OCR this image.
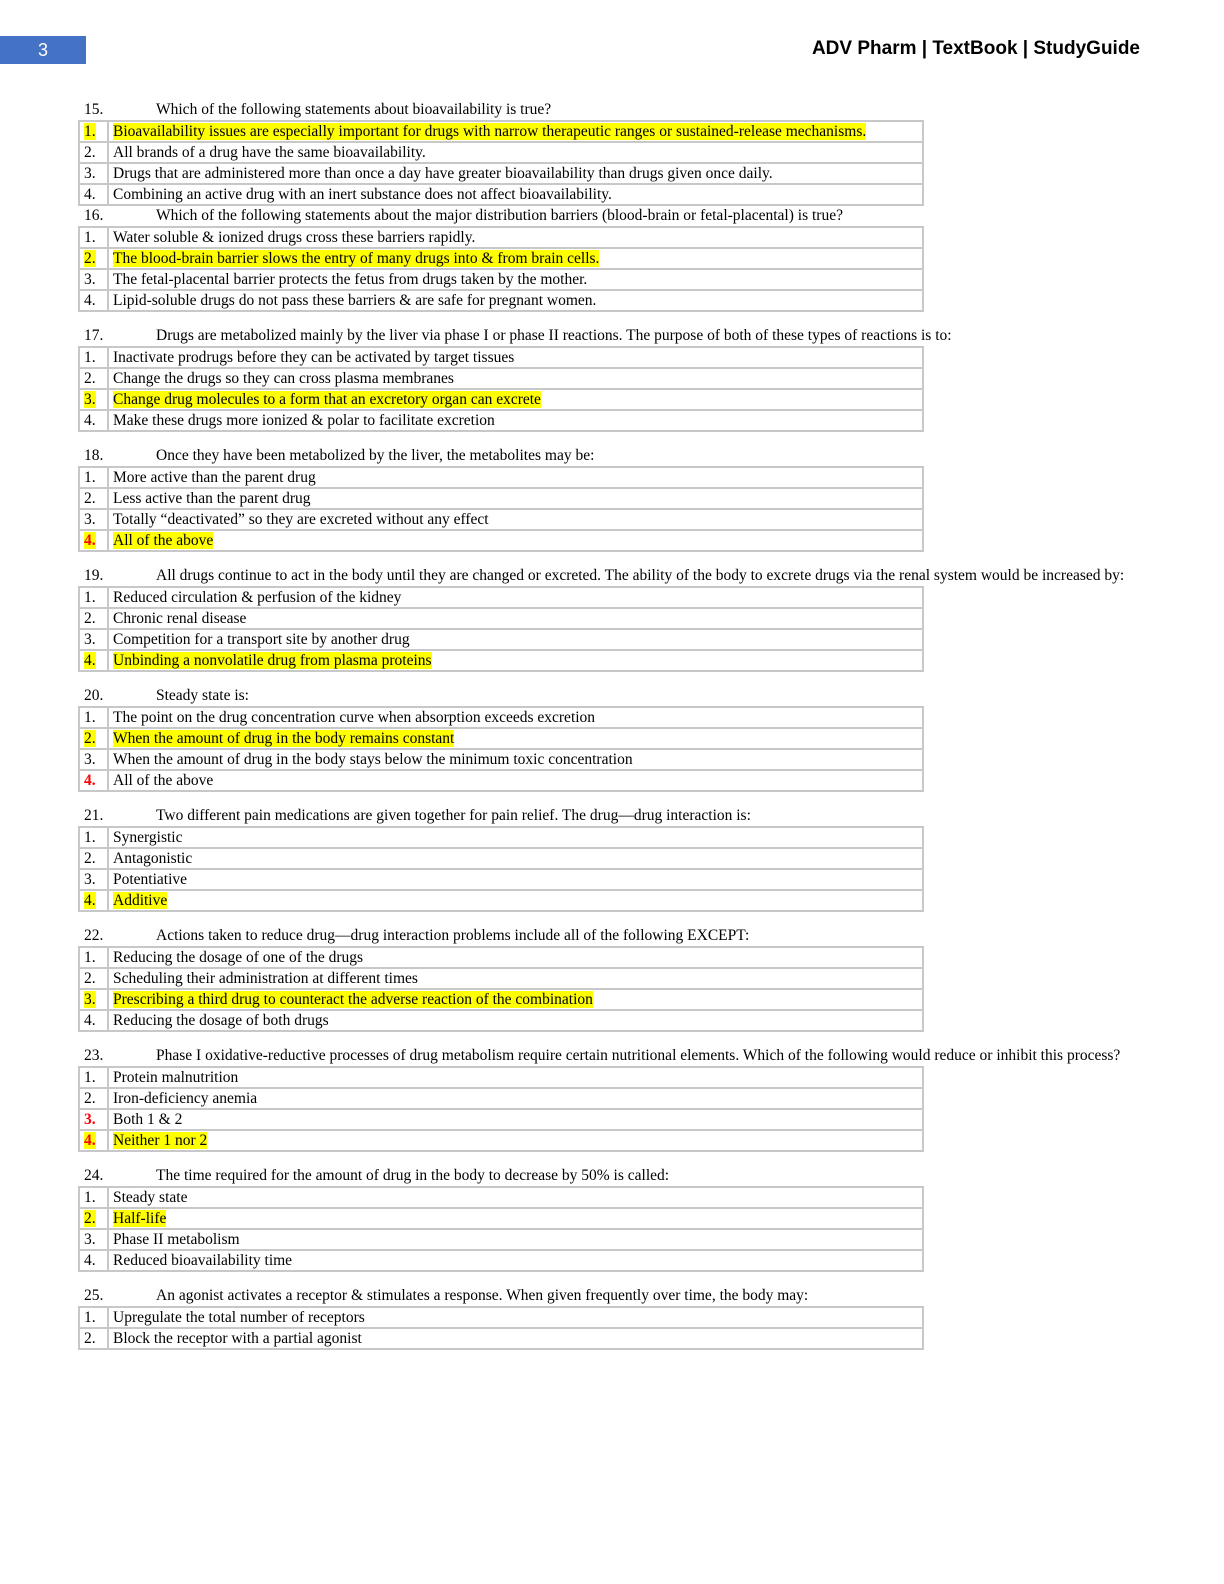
3	ADV Pharm | TextBook | StudyGuide
15.	Which of the following statements about bioavailability is true?
1.	Bioavailability issues are especially important for drugs with narrow therapeutic ranges or sustained-release mechanisms.
2.	All brands of a drug have the same bioavailability.
3.	Drugs that are administered more than once a day have greater bioavailability than drugs given once daily.
4.	Combining an active drug with an inert substance does not affect bioavailability.
16.	Which of the following statements about the major distribution barriers (blood-brain or fetal-placental) is true?
1.	Water soluble & ionized drugs cross these barriers rapidly.
2.	The blood-brain barrier slows the entry of many drugs into & from brain cells.
3.	The fetal-placental barrier protects the fetus from drugs taken by the mother.
4.	Lipid-soluble drugs do not pass these barriers & are safe for pregnant women.
17.	Drugs are metabolized mainly by the liver via phase I or phase II reactions. The purpose of both of these types of reactions is to:
1.	Inactivate prodrugs before they can be activated by target tissues
2.	Change the drugs so they can cross plasma membranes
3.	Change drug molecules to a form that an excretory organ can excrete
4.	Make these drugs more ionized & polar to facilitate excretion
18.	Once they have been metabolized by the liver, the metabolites may be:
1.	More active than the parent drug
2.	Less active than the parent drug
3.	Totally “deactivated” so they are excreted without any effect
4.	All of the above
19.	All drugs continue to act in the body until they are changed or excreted. The ability of the body to excrete drugs via the renal system would be increased by:
1.	Reduced circulation & perfusion of the kidney
2.	Chronic renal disease
3.	Competition for a transport site by another drug
4.	Unbinding a nonvolatile drug from plasma proteins
20.	Steady state is:
1.	The point on the drug concentration curve when absorption exceeds excretion
2.	When the amount of drug in the body remains constant
3.	When the amount of drug in the body stays below the minimum toxic concentration
4.	All of the above
21.	Two different pain medications are given together for pain relief. The drug—drug interaction is:
1.	Synergistic
2.	Antagonistic
3.	Potentiative
4.	Additive
22.	Actions taken to reduce drug—drug interaction problems include all of the following EXCEPT:
1.	Reducing the dosage of one of the drugs
2.	Scheduling their administration at different times
3.	Prescribing a third drug to counteract the adverse reaction of the combination
4.	Reducing the dosage of both drugs
23.	Phase I oxidative-reductive processes of drug metabolism require certain nutritional elements. Which of the following would reduce or inhibit this process?
1.	Protein malnutrition
2.	Iron-deficiency anemia
3.	Both 1 & 2
4.	Neither 1 nor 2
24.	The time required for the amount of drug in the body to decrease by 50% is called:
1.	Steady state
2.	Half-life
3.	Phase II metabolism
4.	Reduced bioavailability time
25.	An agonist activates a receptor & stimulates a response. When given frequently over time, the body may:
1.	Upregulate the total number of receptors
2.	Block the receptor with a partial agonist
